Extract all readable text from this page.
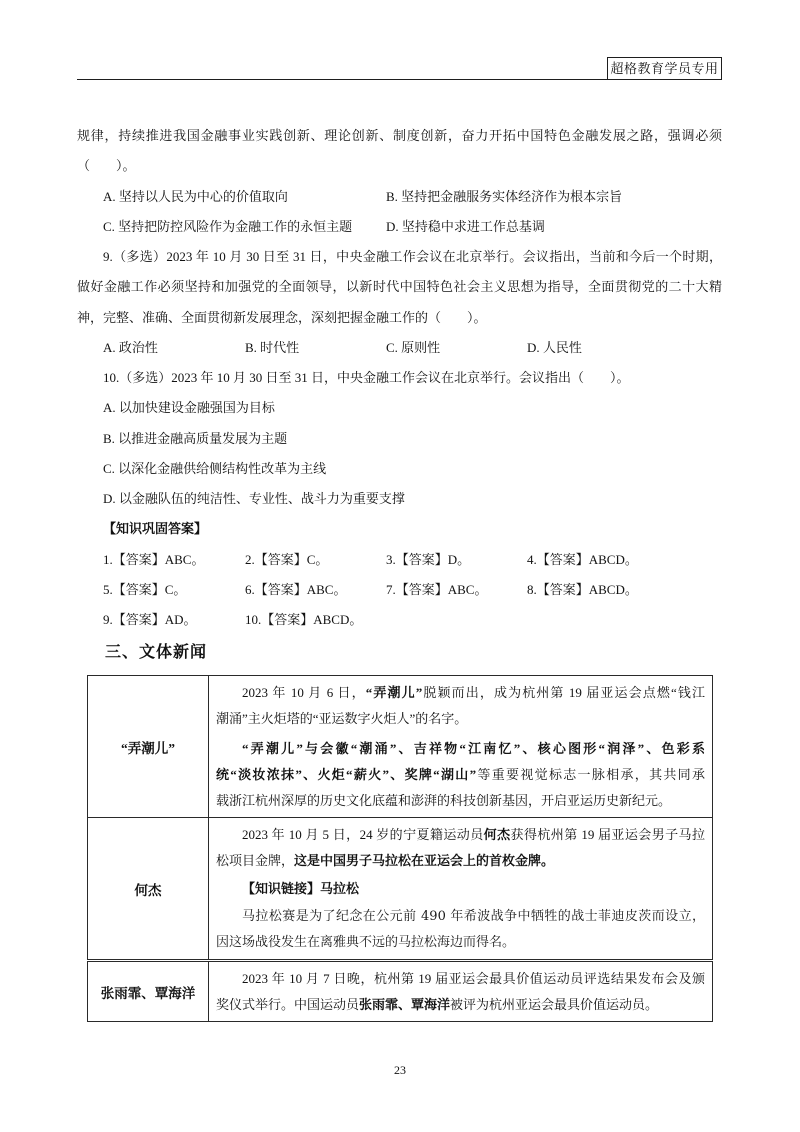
超格教育学员专用
规律，持续推进我国金融事业实践创新、理论创新、制度创新，奋力开拓中国特色金融发展之路，强调必须
（　　）。
A. 坚持以人民为中心的价值取向	B. 坚持把金融服务实体经济作为根本宗旨
C. 坚持把防控风险作为金融工作的永恒主题	D. 坚持稳中求进工作总基调
9.（多选）2023 年 10 月 30 日至 31 日，中央金融工作会议在北京举行。会议指出，当前和今后一个时期，
做好金融工作必须坚持和加强党的全面领导，以新时代中国特色社会主义思想为指导，全面贯彻党的二十大精
神，完整、准确、全面贯彻新发展理念，深刻把握金融工作的（　　）。
A. 政治性	B. 时代性	C. 原则性	D. 人民性
10.（多选）2023 年 10 月 30 日至 31 日，中央金融工作会议在北京举行。会议指出（　　）。
A. 以加快建设金融强国为目标
B. 以推进金融高质量发展为主题
C. 以深化金融供给侧结构性改革为主线
D. 以金融队伍的纯洁性、专业性、战斗力为重要支撑
【知识巩固答案】
1.【答案】ABC。	2.【答案】C。	3.【答案】D。	4.【答案】ABCD。
5.【答案】C。	6.【答案】ABC。	7.【答案】ABC。	8.【答案】ABCD。
9.【答案】AD。	10.【答案】ABCD。
三、文体新闻
“弄潮儿”	2023 年 10 月 6 日，“弄潮儿”脱颖而出，成为杭州第 19 届亚运会点燃“钱江
潮涌”主火炬塔的“亚运数字火炬人”的名字。
“弄潮儿”与会徽“潮涌”、吉祥物“江南忆”、核心图形“润泽”、色彩系
统“淡妆浓抹”、火炬“薪火”、奖牌“湖山”等重要视觉标志一脉相承，其共同承
载浙江杭州深厚的历史文化底蕴和澎湃的科技创新基因，开启亚运历史新纪元。

何杰	2023 年 10 月 5 日，24 岁的宁夏籍运动员何杰获得杭州第 19 届亚运会男子马拉
松项目金牌，这是中国男子马拉松在亚运会上的首枚金牌。
【知识链接】马拉松
马拉松赛是为了纪念在公元前 490 年希波战争中牺牲的战士菲迪皮茨而设立，
因这场战役发生在离雅典不远的马拉松海边而得名。

张雨霏、覃海洋	2023 年 10 月 7 日晚，杭州第 19 届亚运会最具价值运动员评选结果发布会及颁
奖仪式举行。中国运动员张雨霏、覃海洋被评为杭州亚运会最具价值运动员。
23
